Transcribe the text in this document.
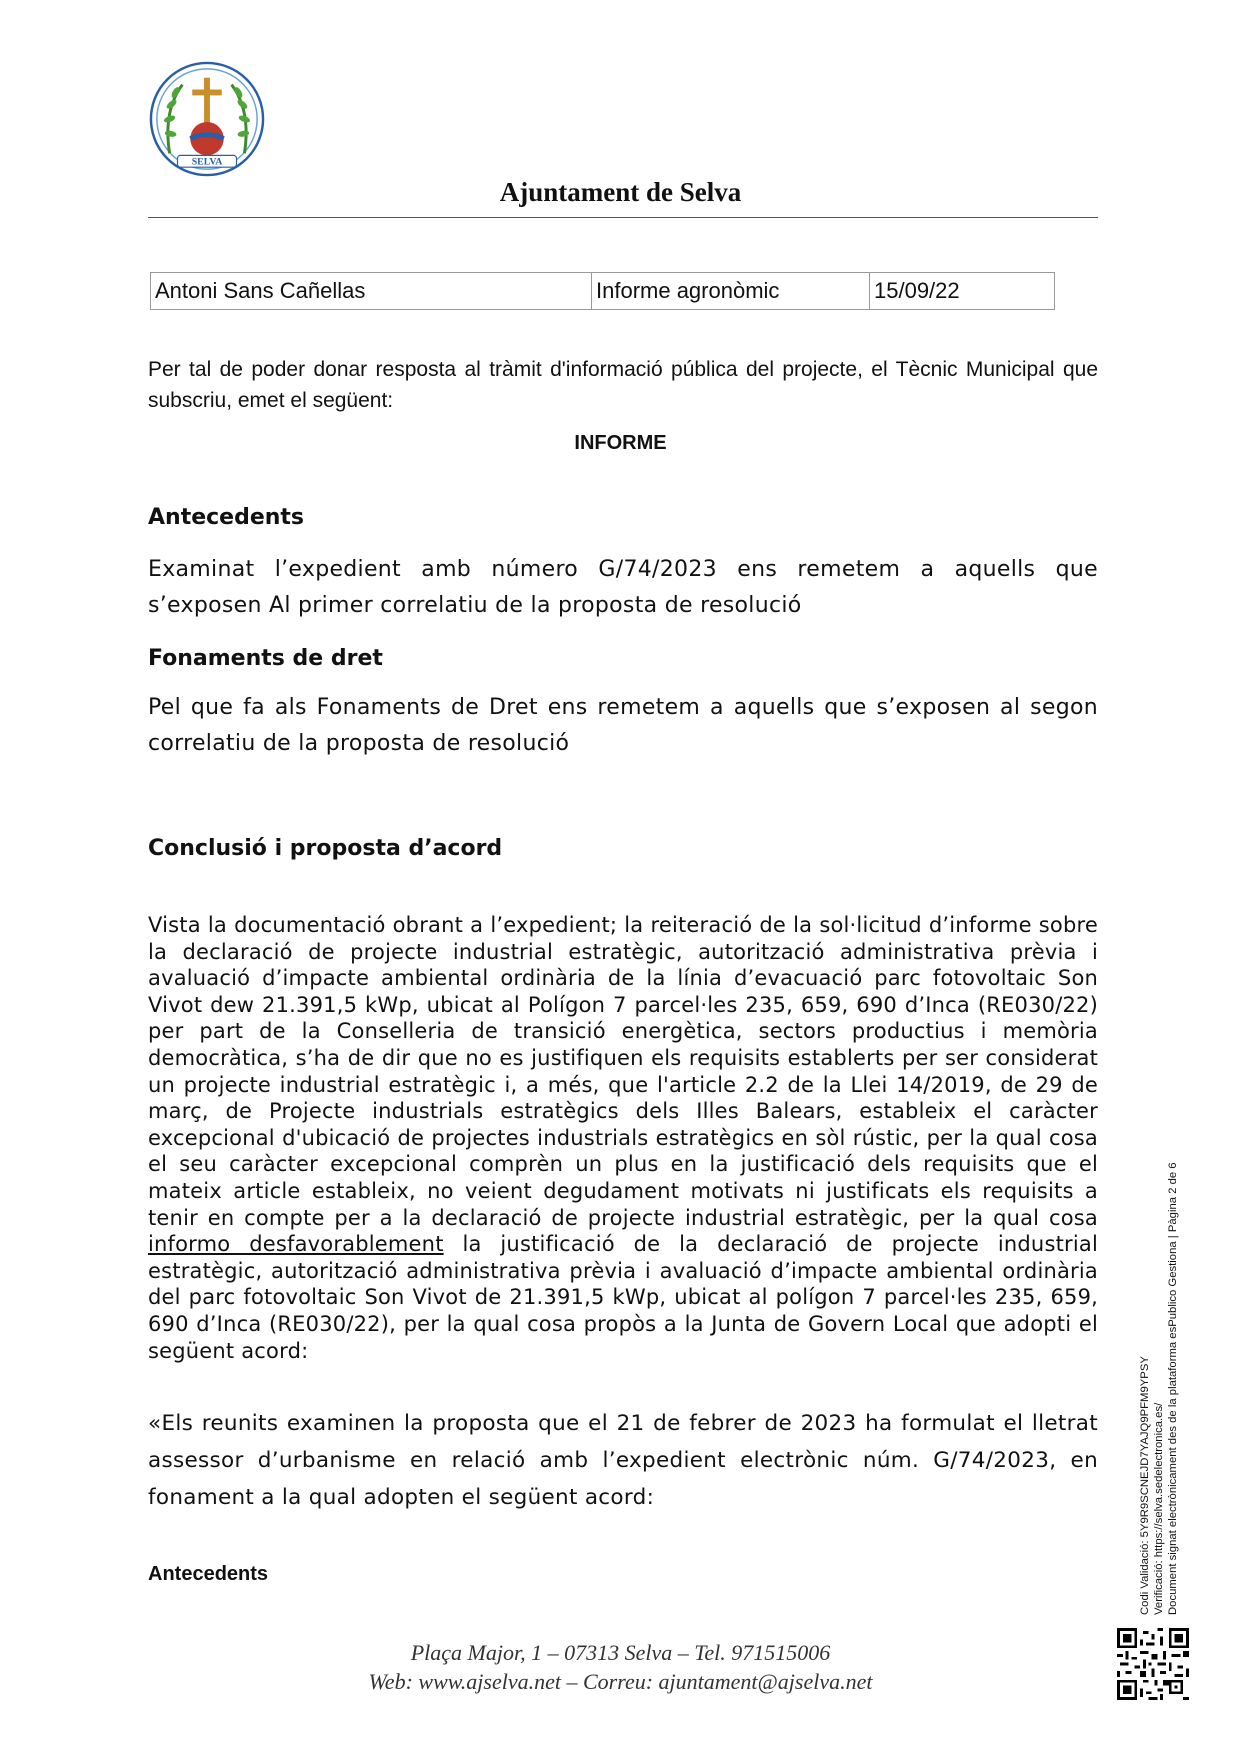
SELVA
Ajuntament de Selva
Antoni Sans Cañellas	Informe agronòmic	15/09/22
Per tal de poder donar resposta al tràmit d'informació pública del projecte, el Tècnic Municipal que subscriu, emet el següent:
INFORME
Antecedents
Examinat l’expedient amb número G/74/2023 ens remetem a aquells que s’exposen Al primer correlatiu de la proposta de resolució
Fonaments de dret
Pel que fa als Fonaments de Dret ens remetem a aquells que s’exposen al segon correlatiu de la proposta de resolució
Conclusió i proposta d’acord
Vista la documentació obrant a l’expedient; la reiteració de la sol·licitud d’informe sobre la declaració de projecte industrial estratègic, autorització administrativa prèvia i avaluació d’impacte ambiental ordinària de la línia d’evacuació parc fotovoltaic Son Vivot dew 21.391,5 kWp, ubicat al Polígon 7 parcel·les 235, 659, 690 d’Inca (RE030/22) per part de la Conselleria de transició energètica, sectors productius i memòria democràtica, s’ha de dir que no es justifiquen els requisits establerts per ser considerat un projecte industrial estratègic i, a més, que l'article 2.2 de la Llei 14/2019, de 29 de març, de Projecte industrials estratègics dels Illes Balears, estableix el caràcter excepcional d'ubicació de projectes industrials estratègics en sòl rústic, per la qual cosa el seu caràcter excepcional comprèn un plus en la justificació dels requisits que el mateix article estableix, no veient degudament motivats ni justificats els requisits a tenir en compte per a la declaració de projecte industrial estratègic, per la qual cosa informo desfavorablement la justificació de la declaració de projecte industrial estratègic, autorització administrativa prèvia i avaluació d’impacte ambiental ordinària del parc fotovoltaic Son Vivot de 21.391,5 kWp, ubicat al polígon 7 parcel·les 235, 659, 690 d’Inca (RE030/22), per la qual cosa propòs a la Junta de Govern Local que adopti el següent acord:
«Els reunits examinen la proposta que el 21 de febrer de 2023 ha formulat el lletrat assessor d’urbanisme en relació amb l’expedient electrònic núm. G/74/2023, en fonament a la qual adopten el següent acord:
Antecedents
Plaça Major, 1 – 07313 Selva – Tel. 971515006
Web: www.ajselva.net – Correu: ajuntament@ajselva.net
Codi Validació: 5Y9R9SCNEJD7YAJQ9PFM9YPSY Verificació: https://selva.sedelectronica.es/ Document signat electrònicament des de la plataforma esPublico Gestiona | Pàgina 2 de 6
